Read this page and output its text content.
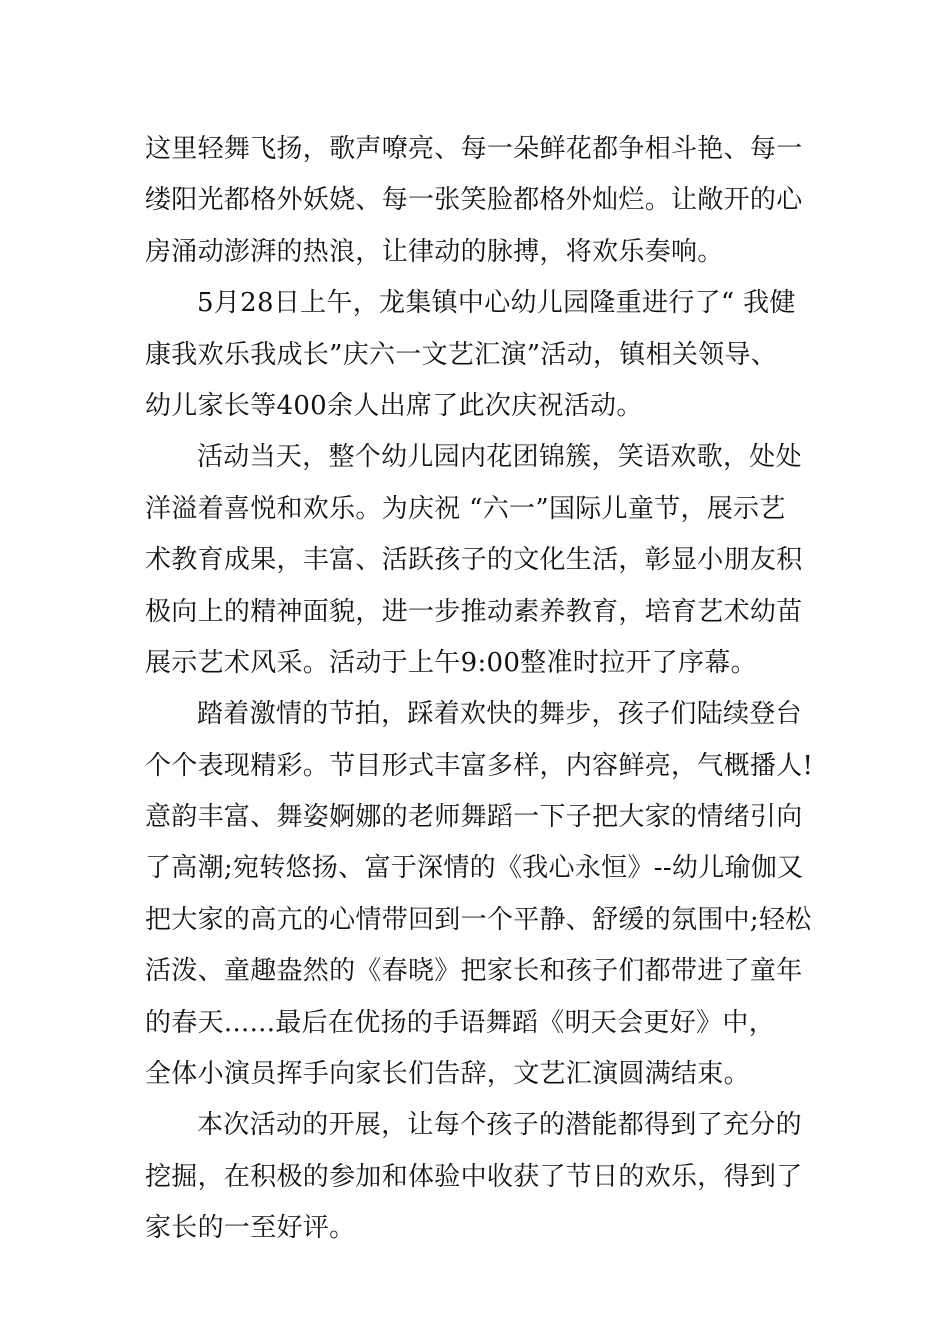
这里轻舞飞扬，歌声嘹亮、每一朵鲜花都争相斗艳、每一
缕阳光都格外妖娆、每一张笑脸都格外灿烂。让敞开的心
房涌动澎湃的热浪，让律动的脉搏，将欢乐奏响。
5月28日上午，龙集镇中心幼儿园隆重进行了“ 我健
康我欢乐我成长”庆六一文艺汇演”活动，镇相关领导、
幼儿家长等400余人出席了此次庆祝活动。
活动当天，整个幼儿园内花团锦簇，笑语欢歌，处处
洋溢着喜悦和欢乐。为庆祝 “六一”国际儿童节，展示艺
术教育成果，丰富、活跃孩子的文化生活，彰显小朋友积
极向上的精神面貌，进一步推动素养教育，培育艺术幼苗
展示艺术风采。活动于上午9:00整准时拉开了序幕。
踏着激情的节拍，踩着欢快的舞步，孩子们陆续登台
个个表现精彩。节目形式丰富多样，内容鲜亮，气概播人!
意韵丰富、舞姿婀娜的老师舞蹈一下子把大家的情绪引向
了高潮;宛转悠扬、富于深情的《我心永恒》--幼儿瑜伽又
把大家的高亢的心情带回到一个平静、舒缓的氛围中;轻松
活泼、童趣盎然的《春晓》把家长和孩子们都带进了童年
的春天......最后在优扬的手语舞蹈《明天会更好》中，
全体小演员挥手向家长们告辞，文艺汇演圆满结束。
本次活动的开展，让每个孩子的潜能都得到了充分的
挖掘，在积极的参加和体验中收获了节日的欢乐，得到了
家长的一至好评。
